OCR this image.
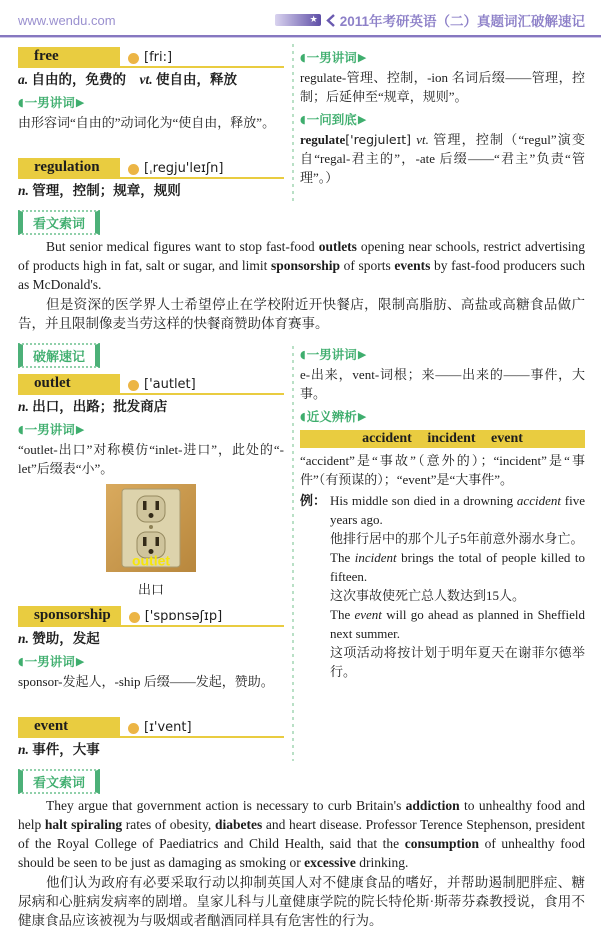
www.wendu.com	★ 2011年考研英语（二）真题词汇破解速记
free	[fri:]

a. 自由的，免费的　vt. 使自由，释放

◖ 一男讲词 ▶

由形容词“自由的”动词化为“使自由，释放”。

regulation	[ˌregju'leɪʃn]

n. 管理，控制；规章，规则

◖ 一男讲词 ▶

regulate-管理、控制，-ion 名词后缀——管理，控制；后延伸至“规章，规则”。

◖ 一问到底 ▶

regulate['regjuleɪt] vt. 管理，控制（“regul”演变自“regal-君主的”，-ate 后缀——“君主”负责“管理”。）

看文索词

But senior medical figures want to stop fast-food outlets opening near schools, restrict advertising of products high in fat, salt or sugar, and limit sponsorship of sports events by fast-food producers such as McDonald's.

但是资深的医学界人士希望停止在学校附近开快餐店，限制高脂肪、高盐或高糖食品做广告，并且限制像麦当劳这样的快餐商赞助体育赛事。

破解速记
outlet	['autlet]

n. 出口，出路；批发商店

◖ 一男讲词 ▶

“outlet-出口”对称模仿“inlet-进口”，此处的“-let”后缀表“小”。

outlet

出口

sponsorship	['spɒnsəʃɪp]

n. 赞助，发起

◖ 一男讲词 ▶

sponsor-发起人，-ship 后缀——发起，赞助。

event	[ɪ'vent]

n. 事件，大事

◖ 一男讲词 ▶

e-出来，vent-词根；来——出来的——事件，大事。

◖ 近义辨析 ▶
accident incident event

“accident”是“事故”（意外的）；“incident”是“事件”（有预谋的）；“event”是“大事件”。

例： His middle son died in a drowning accident five years ago.

他排行居中的那个儿子5年前意外溺水身亡。

The incident brings the total of people killed to fifteen.

这次事故使死亡总人数达到15人。

The event will go ahead as planned in Sheffield next summer.

这项活动将按计划于明年夏天在谢菲尔德举行。

看文索词

They argue that government action is necessary to curb Britain's addiction to unhealthy food and help halt spiraling rates of obesity, diabetes and heart disease. Professor Terence Stephenson, president of the Royal College of Paediatrics and Child Health, said that the consumption of unhealthy food should be seen to be just as damaging as smoking or excessive drinking.

他们认为政府有必要采取行动以抑制英国人对不健康食品的嗜好，并帮助遏制肥胖症、糖尿病和心脏病发病率的剧增。皇家儿科与儿童健康学院的院长特伦斯·斯蒂芬森教授说，食用不健康食品应该被视为与吸烟或者酗酒同样具有危害性的行为。
